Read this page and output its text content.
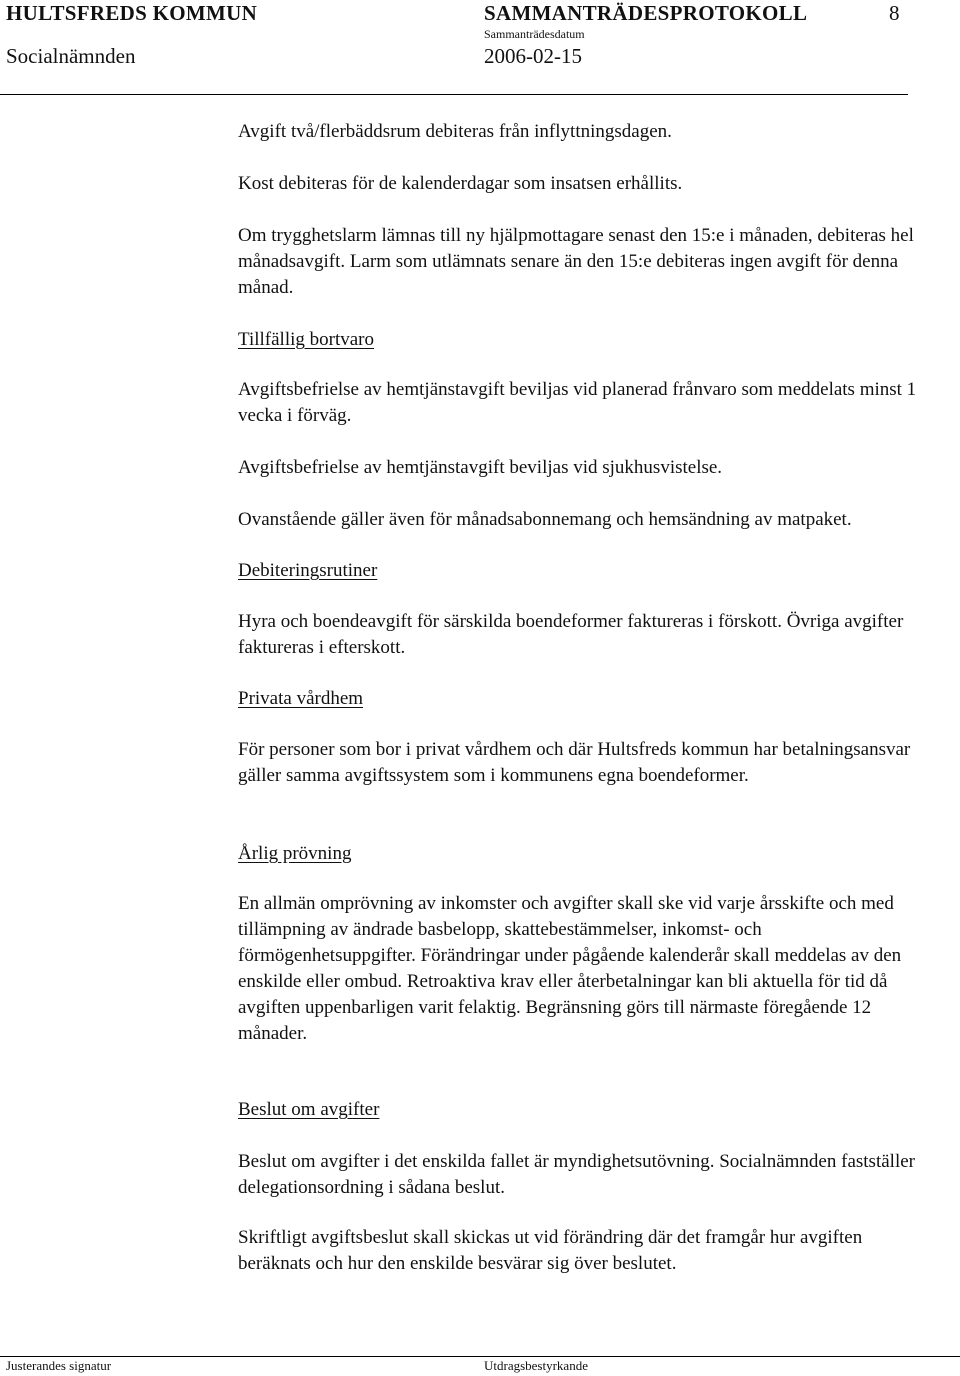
HULTSFREDS KOMMUN	SAMMANTRÄDESPROTOKOLL	8
Socialnämnden
Sammanträdesdatum
2006-02-15

Avgift två/flerbäddsrum debiteras från inflyttningsdagen.

Kost debiteras för de kalenderdagar som insatsen erhållits.

Om trygghetslarm lämnas till ny hjälpmottagare senast den 15:e i månaden, debiteras hel månadsavgift. Larm som utlämnats senare än den 15:e debiteras ingen avgift för denna månad.

Tillfällig bortvaro

Avgiftsbefrielse av hemtjänstavgift beviljas vid planerad frånvaro som meddelats minst 1 vecka i förväg.

Avgiftsbefrielse av hemtjänstavgift beviljas vid sjukhusvistelse.

Ovanstående gäller även för månadsabonnemang och hemsändning av matpaket.

Debiteringsrutiner

Hyra och boendeavgift för särskilda boendeformer faktureras i förskott. Övriga avgifter faktureras i efterskott.

Privata vårdhem

För personer som bor i privat vårdhem och där Hultsfreds kommun har betalningsansvar gäller samma avgiftssystem som i kommunens egna boendeformer.

Årlig prövning

En allmän omprövning av inkomster och avgifter skall ske vid varje årsskifte och med tillämpning av ändrade basbelopp, skattebestämmelser, inkomst- och förmögenhetsuppgifter. Förändringar under pågående kalenderår skall meddelas av den enskilde eller ombud. Retroaktiva krav eller återbetalningar kan bli aktuella för tid då avgiften uppenbarligen varit felaktig. Begränsning görs till närmaste föregående 12 månader.

Beslut om avgifter

Beslut om avgifter i det enskilda fallet är myndighetsutövning. Socialnämnden fastställer delegationsordning i sådana beslut.

Skriftligt avgiftsbeslut skall skickas ut vid förändring där det framgår hur avgiften beräknats och hur den enskilde besvärar sig över beslutet.

Justerandes signatur	Utdragsbestyrkande
